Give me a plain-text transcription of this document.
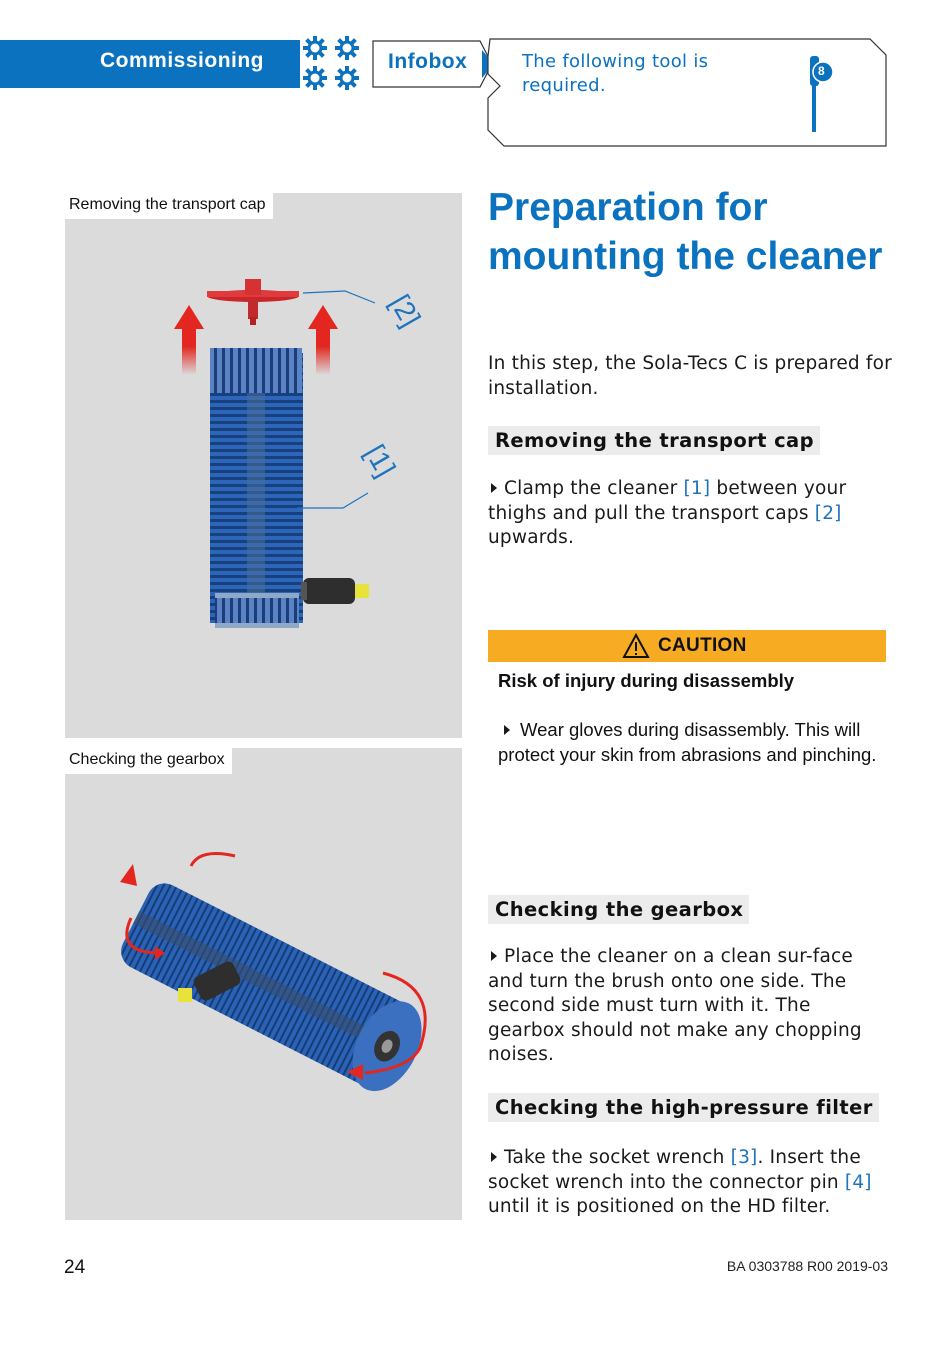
Commissioning	Infobox	The following tool is required.
8
[2]
[1]
Removing the transport cap
Checking the gearbox
Preparation for mounting the cleaner
In this step, the Sola-Tecs C is prepared for installation.
Removing the transport cap
Clamp the cleaner [1] between your thighs and pull the transport caps [2] upwards.
CAUTION
Risk of injury during disassembly
Wear gloves during disassembly. This will protect your skin from abrasions and pinching.
Checking the gearbox
Place the cleaner on a clean sur-face and turn the brush onto one side. The second side must turn with it. The gearbox should not make any chopping noises.
Checking the high-pressure filter
Take the socket wrench [3]. Insert the socket wrench into the connector pin [4] until it is positioned on the HD filter.
24	BA 0303788 R00 2019-03
